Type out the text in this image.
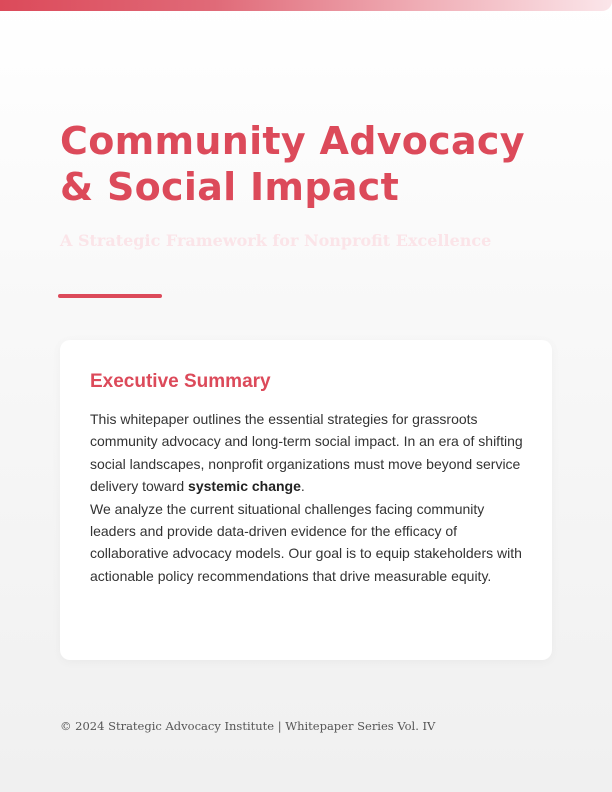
Community Advocacy & Social Impact
A Strategic Framework for Nonprofit Excellence
Executive Summary

This whitepaper outlines the essential strategies for grassroots community advocacy and long-term social impact. In an era of shifting social landscapes, nonprofit organizations must move beyond service delivery toward systemic change.

We analyze the current situational challenges facing community leaders and provide data-driven evidence for the efficacy of collaborative advocacy models. Our goal is to equip stakeholders with actionable policy recommendations that drive measurable equity.

© 2024 Strategic Advocacy Institute | Whitepaper Series Vol. IV
